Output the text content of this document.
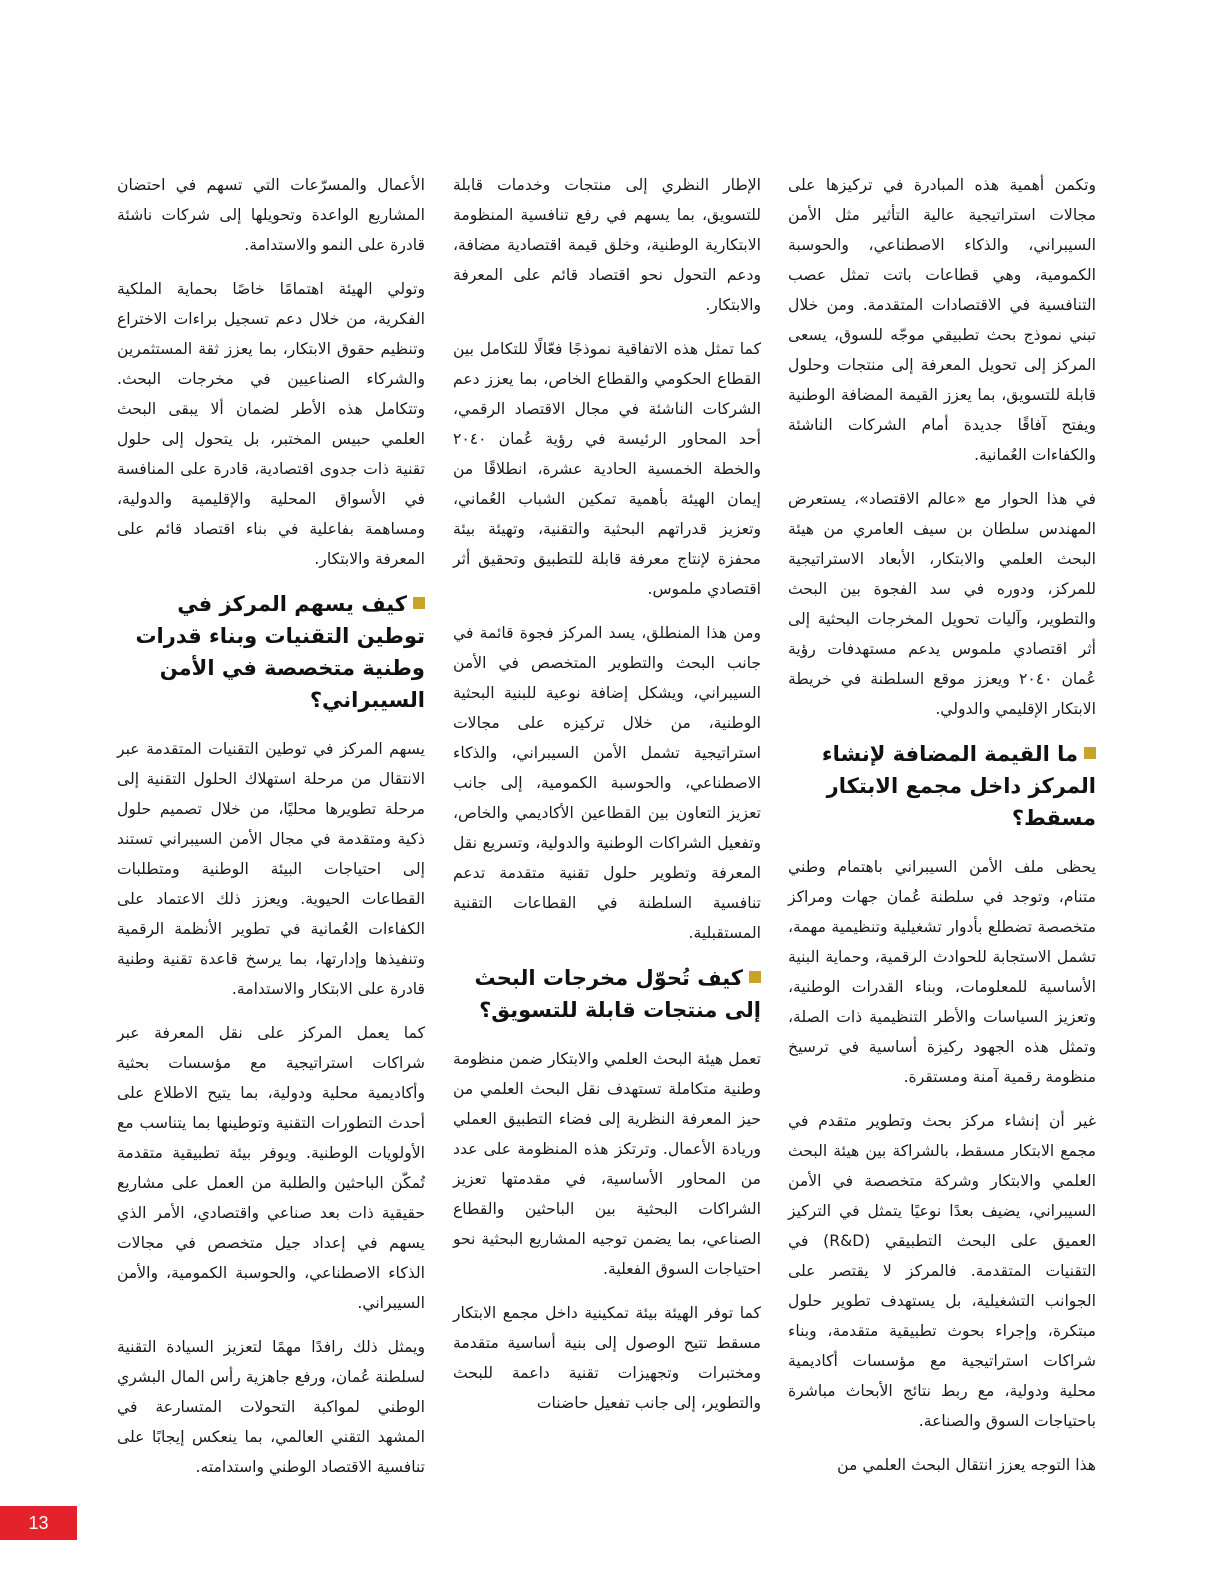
وتكمن أهمية هذه المبادرة في تركيزها على مجالات استراتيجية عالية التأثير مثل الأمن السيبراني، والذكاء الاصطناعي، والحوسبة الكمومية، وهي قطاعات باتت تمثل عصب التنافسية في الاقتصادات المتقدمة. ومن خلال تبني نموذج بحث تطبيقي موجّه للسوق، يسعى المركز إلى تحويل المعرفة إلى منتجات وحلول قابلة للتسويق، بما يعزز القيمة المضافة الوطنية ويفتح آفاقًا جديدة أمام الشركات الناشئة والكفاءات العُمانية.

في هذا الحوار مع «عالم الاقتصاد»، يستعرض المهندس سلطان بن سيف العامري من هيئة البحث العلمي والابتكار، الأبعاد الاستراتيجية للمركز، ودوره في سد الفجوة بين البحث والتطوير، وآليات تحويل المخرجات البحثية إلى أثر اقتصادي ملموس يدعم مستهدفات رؤية عُمان ٢٠٤٠ ويعزز موقع السلطنة في خريطة الابتكار الإقليمي والدولي.

ما القيمة المضافة لإنشاء المركز داخل مجمع الابتكار مسقط؟

يحظى ملف الأمن السيبراني باهتمام وطني متنام، وتوجد في سلطنة عُمان جهات ومراكز متخصصة تضطلع بأدوار تشغيلية وتنظيمية مهمة، تشمل الاستجابة للحوادث الرقمية، وحماية البنية الأساسية للمعلومات، وبناء القدرات الوطنية، وتعزيز السياسات والأطر التنظيمية ذات الصلة، وتمثل هذه الجهود ركيزة أساسية في ترسيخ منظومة رقمية آمنة ومستقرة.

غير أن إنشاء مركز بحث وتطوير متقدم في مجمع الابتكار مسقط، بالشراكة بين هيئة البحث العلمي والابتكار وشركة متخصصة في الأمن السيبراني، يضيف بعدًا نوعيًا يتمثل في التركيز العميق على البحث التطبيقي (R&D) في التقنيات المتقدمة. فالمركز لا يقتصر على الجوانب التشغيلية، بل يستهدف تطوير حلول مبتكرة، وإجراء بحوث تطبيقية متقدمة، وبناء شراكات استراتيجية مع مؤسسات أكاديمية محلية ودولية، مع ربط نتائج الأبحاث مباشرة باحتياجات السوق والصناعة.

هذا التوجه يعزز انتقال البحث العلمي من

الإطار النظري إلى منتجات وخدمات قابلة للتسويق، بما يسهم في رفع تنافسية المنظومة الابتكارية الوطنية، وخلق قيمة اقتصادية مضافة، ودعم التحول نحو اقتصاد قائم على المعرفة والابتكار.

كما تمثل هذه الاتفاقية نموذجًا فعّالًا للتكامل بين القطاع الحكومي والقطاع الخاص، بما يعزز دعم الشركات الناشئة في مجال الاقتصاد الرقمي، أحد المحاور الرئيسة في رؤية عُمان ٢٠٤٠ والخطة الخمسية الحادية عشرة، انطلاقًا من إيمان الهيئة بأهمية تمكين الشباب العُماني، وتعزيز قدراتهم البحثية والتقنية، وتهيئة بيئة محفزة لإنتاج معرفة قابلة للتطبيق وتحقيق أثر اقتصادي ملموس.

ومن هذا المنطلق، يسد المركز فجوة قائمة في جانب البحث والتطوير المتخصص في الأمن السيبراني، ويشكل إضافة نوعية للبنية البحثية الوطنية، من خلال تركيزه على مجالات استراتيجية تشمل الأمن السيبراني، والذكاء الاصطناعي، والحوسبة الكمومية، إلى جانب تعزيز التعاون بين القطاعين الأكاديمي والخاص، وتفعيل الشراكات الوطنية والدولية، وتسريع نقل المعرفة وتطوير حلول تقنية متقدمة تدعم تنافسية السلطنة في القطاعات التقنية المستقبلية.

كيف تُحوّل مخرجات البحث إلى منتجات قابلة للتسويق؟

تعمل هيئة البحث العلمي والابتكار ضمن منظومة وطنية متكاملة تستهدف نقل البحث العلمي من حيز المعرفة النظرية إلى فضاء التطبيق العملي وريادة الأعمال. وترتكز هذه المنظومة على عدد من المحاور الأساسية، في مقدمتها تعزيز الشراكات البحثية بين الباحثين والقطاع الصناعي، بما يضمن توجيه المشاريع البحثية نحو احتياجات السوق الفعلية.

كما توفر الهيئة بيئة تمكينية داخل مجمع الابتكار مسقط تتيح الوصول إلى بنية أساسية متقدمة ومختبرات وتجهيزات تقنية داعمة للبحث والتطوير، إلى جانب تفعيل حاضنات

الأعمال والمسرّعات التي تسهم في احتضان المشاريع الواعدة وتحويلها إلى شركات ناشئة قادرة على النمو والاستدامة.

وتولي الهيئة اهتمامًا خاصًا بحماية الملكية الفكرية، من خلال دعم تسجيل براءات الاختراع وتنظيم حقوق الابتكار، بما يعزز ثقة المستثمرين والشركاء الصناعيين في مخرجات البحث. وتتكامل هذه الأطر لضمان ألا يبقى البحث العلمي حبيس المختبر، بل يتحول إلى حلول تقنية ذات جدوى اقتصادية، قادرة على المنافسة في الأسواق المحلية والإقليمية والدولية، ومساهمة بفاعلية في بناء اقتصاد قائم على المعرفة والابتكار.

كيف يسهم المركز في توطين التقنيات وبناء قدرات وطنية متخصصة في الأمن السيبراني؟

يسهم المركز في توطين التقنيات المتقدمة عبر الانتقال من مرحلة استهلاك الحلول التقنية إلى مرحلة تطويرها محليًا، من خلال تصميم حلول ذكية ومتقدمة في مجال الأمن السيبراني تستند إلى احتياجات البيئة الوطنية ومتطلبات القطاعات الحيوية. ويعزز ذلك الاعتماد على الكفاءات العُمانية في تطوير الأنظمة الرقمية وتنفيذها وإدارتها، بما يرسخ قاعدة تقنية وطنية قادرة على الابتكار والاستدامة.

كما يعمل المركز على نقل المعرفة عبر شراكات استراتيجية مع مؤسسات بحثية وأكاديمية محلية ودولية، بما يتيح الاطلاع على أحدث التطورات التقنية وتوطينها بما يتناسب مع الأولويات الوطنية. ويوفر بيئة تطبيقية متقدمة تُمكّن الباحثين والطلبة من العمل على مشاريع حقيقية ذات بعد صناعي واقتصادي، الأمر الذي يسهم في إعداد جيل متخصص في مجالات الذكاء الاصطناعي، والحوسبة الكمومية، والأمن السيبراني.

ويمثل ذلك رافدًا مهمًا لتعزيز السيادة التقنية لسلطنة عُمان، ورفع جاهزية رأس المال البشري الوطني لمواكبة التحولات المتسارعة في المشهد التقني العالمي، بما ينعكس إيجابًا على تنافسية الاقتصاد الوطني واستدامته.

13
